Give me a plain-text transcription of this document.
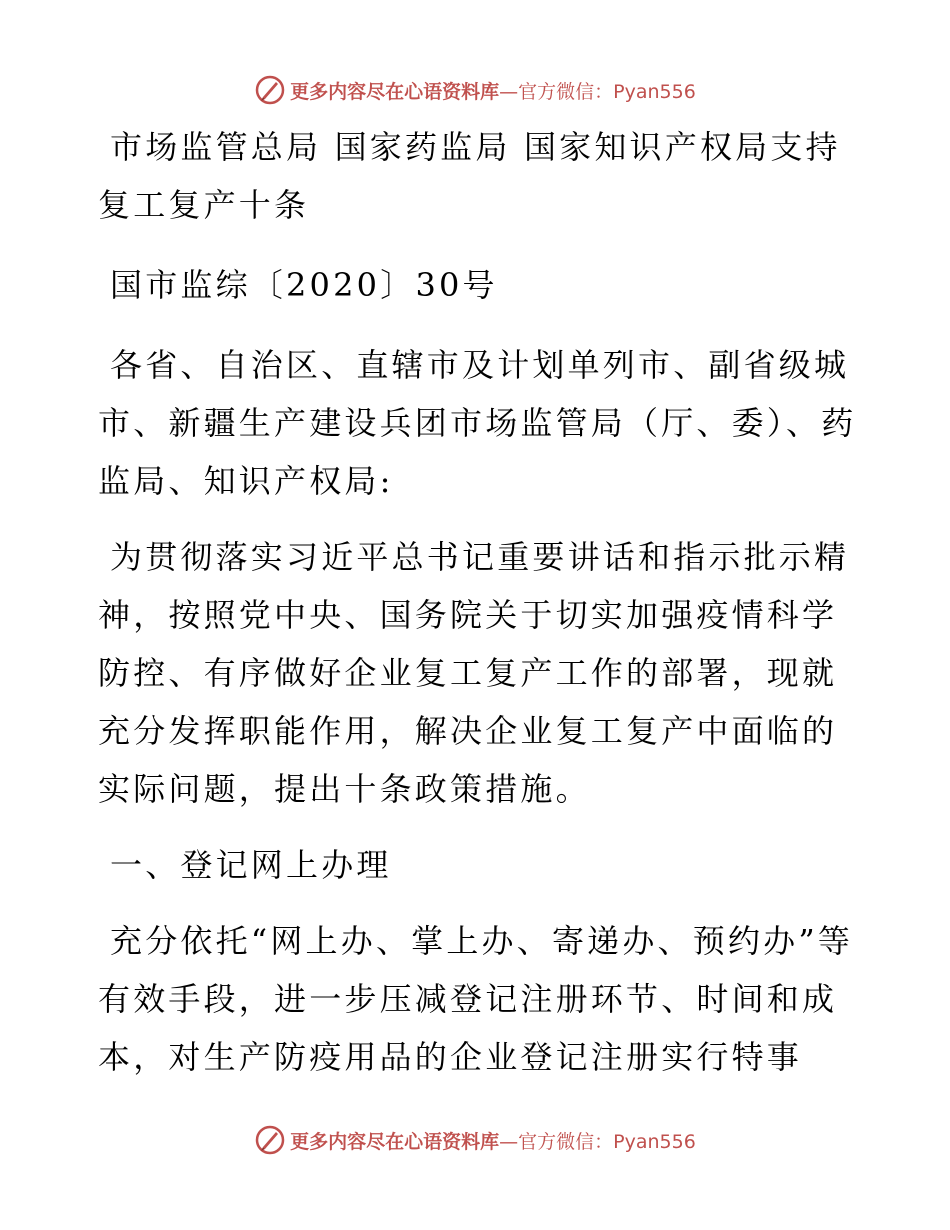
更多内容尽在心语资料库—官方微信：Pyan556

市场监管总局 国家药监局 国家知识产权局支持复工复产十条

国市监综〔2020〕30号

各省、自治区、直辖市及计划单列市、副省级城市、新疆生产建设兵团市场监管局（厅、委）、药监局、知识产权局:

为贯彻落实习近平总书记重要讲话和指示批示精神，按照党中央、国务院关于切实加强疫情科学防控、有序做好企业复工复产工作的部署，现就充分发挥职能作用，解决企业复工复产中面临的实际问题，提出十条政策措施。

一、登记网上办理

充分依托“网上办、掌上办、寄递办、预约办”等有效手段，进一步压减登记注册环节、时间和成本，对生产防疫用品的企业登记注册实行特事

更多内容尽在心语资料库—官方微信：Pyan556
